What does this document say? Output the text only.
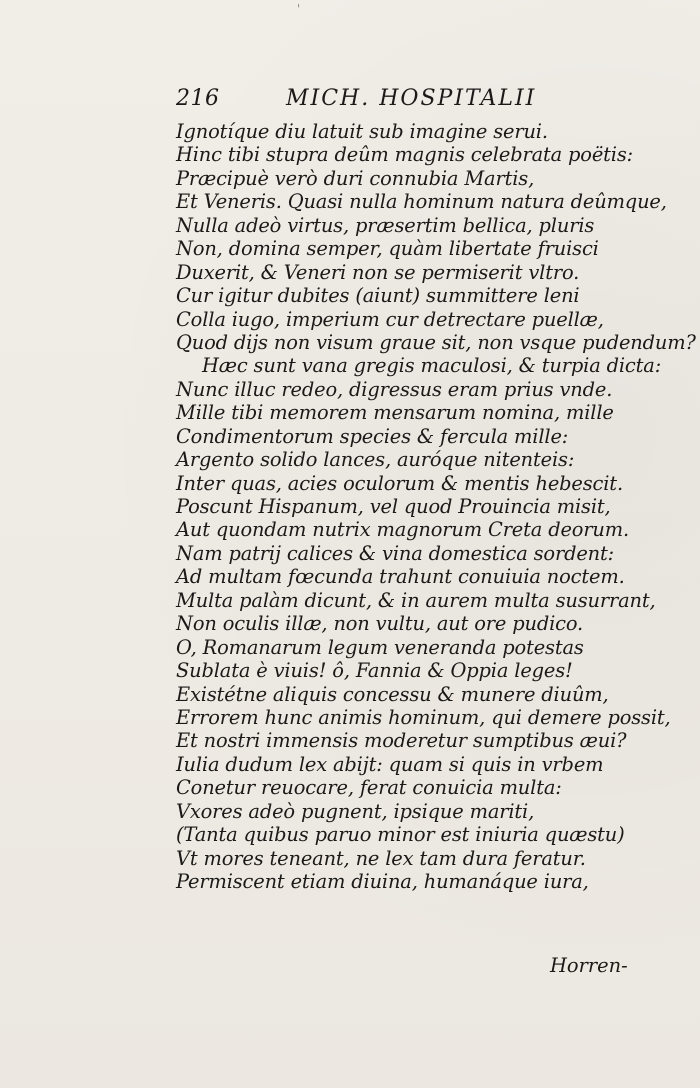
'
216	MICH. HOSPITALII
Ignotíque diu latuit sub imagine serui.
Hinc tibi stupra deûm magnis celebrata poëtis:
Præcipuè verò duri connubia Martis,
Et Veneris. Quasi nulla hominum natura deûmque,
Nulla adeò virtus, præsertim bellica, pluris
Non, domina semper, quàm libertate fruisci
Duxerit, & Veneri non se permiserit vltro.
Cur igitur dubites (aiunt) summittere leni
Colla iugo, imperium cur detrectare puellæ,
Quod dijs non visum graue sit, non vsque pudendum?
Hæc sunt vana gregis maculosi, & turpia dicta:
Nunc illuc redeo, digressus eram prius vnde.
Mille tibi memorem mensarum nomina, mille
Condimentorum species & fercula mille:
Argento solido lances, auróque nitenteis:
Inter quas, acies oculorum & mentis hebescit.
Poscunt Hispanum, vel quod Prouincia misit,
Aut quondam nutrix magnorum Creta deorum.
Nam patrij calices & vina domestica sordent:
Ad multam fœcunda trahunt conuiuia noctem.
Multa palàm dicunt, & in aurem multa susurrant,
Non oculis illæ, non vultu, aut ore pudico.
O, Romanarum legum veneranda potestas
Sublata è viuis! ô, Fannia & Oppia leges!
Existétne aliquis concessu & munere diuûm,
Errorem hunc animis hominum, qui demere possit,
Et nostri immensis moderetur sumptibus æui?
Iulia dudum lex abijt: quam si quis in vrbem
Conetur reuocare, ferat conuicia multa:
Vxores adeò pugnent, ipsique mariti,
(Tanta quibus paruo minor est iniuria quæstu)
Vt mores teneant, ne lex tam dura feratur.
Permiscent etiam diuina, humanáque iura,
Horren-
